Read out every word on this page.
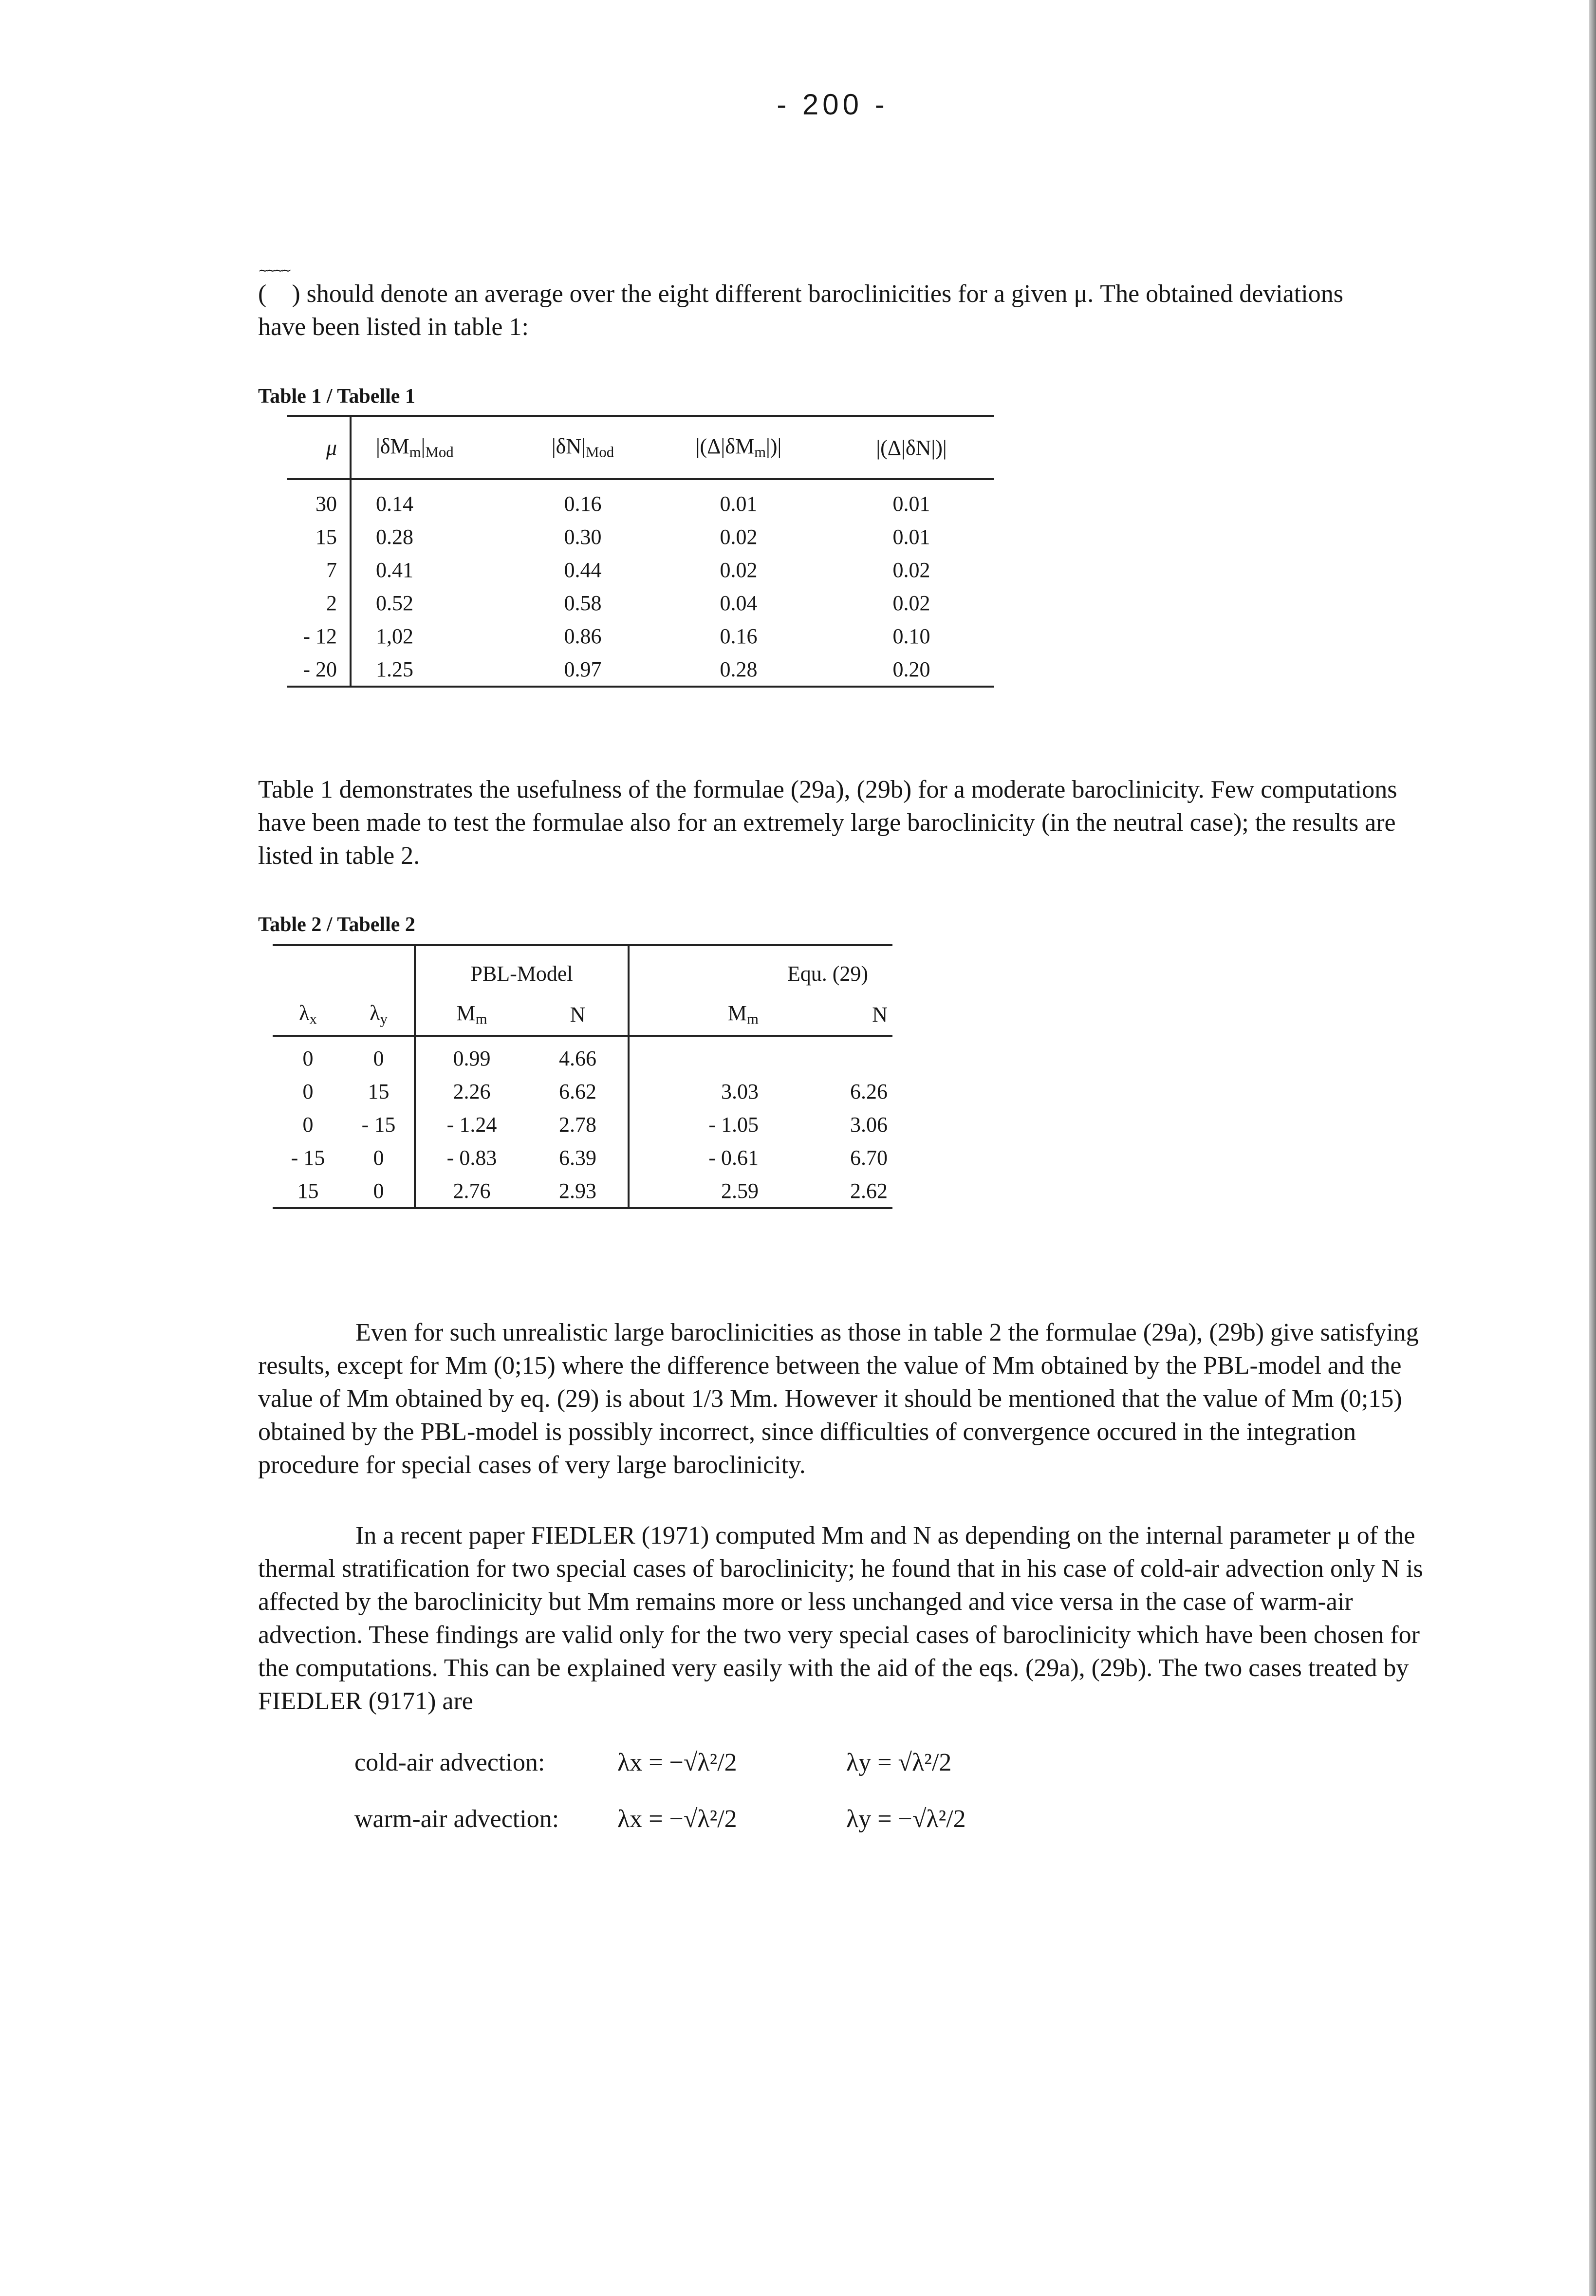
- 200 -
∼∼∼∼ ( ) should denote an average over the eight different baroclinicities for a given μ. The obtained deviations have been listed in table 1:
Table 1 / Tabelle 1
μ	$|\delta M_m|_{Mod}$	$|\delta N|_{Mod}$	$|(\Delta|\delta M_m|)|$	|(Δ|δN|)|
30	0.14	0.16	0.01	0.01
15	0.28	0.30	0.02	0.01
7	0.41	0.44	0.02	0.02
2	0.52	0.58	0.04	0.02
- 12	1,02	0.86	0.16	0.10
- 20	1.25	0.97	0.28	0.20
Table 1 demonstrates the usefulness of the formulae (29a), (29b) for a moderate baroclinicity. Few computations have been made to test the formulae also for an extremely large baroclinicity (in the neutral case); the results are listed in table 2.
Table 2 / Tabelle 2
		PBL-Model		Equ. (29)	
$\lambda_x$	$\lambda_y$	$M_m$	N	$M_m$	N
0	0	0.99	4.66		
0	15	2.26	6.62	3.03	6.26
0	- 15	- 1.24	2.78	- 1.05	3.06
- 15	0	- 0.83	6.39	- 0.61	6.70
15	0	2.76	2.93	2.59	2.62
Even for such unrealistic large baroclinicities as those in table 2 the formulae (29a), (29b) give satisfying results, except for Mm (0;15) where the difference between the value of Mm obtained by the PBL-model and the value of Mm obtained by eq. (29) is about 1/3 Mm. However it should be mentioned that the value of Mm (0;15) obtained by the PBL-model is possibly incorrect, since difficulties of convergence occured in the integration procedure for special cases of very large baroclinicity.
In a recent paper FIEDLER (1971) computed Mm and N as depending on the internal parameter μ of the thermal stratification for two special cases of baroclinicity; he found that in his case of cold-air advection only N is affected by the baroclinicity but Mm remains more or less unchanged and vice versa in the case of warm-air advection. These findings are valid only for the two very special cases of baroclinicity which have been chosen for the computations. This can be explained very easily with the aid of the eqs. (29a), (29b). The two cases treated by FIEDLER (9171) are
cold-air advection:	λx = −√λ²/2	λy = √λ²/2
warm-air advection: λx = −√λ²/2	λy = −√λ²/2
